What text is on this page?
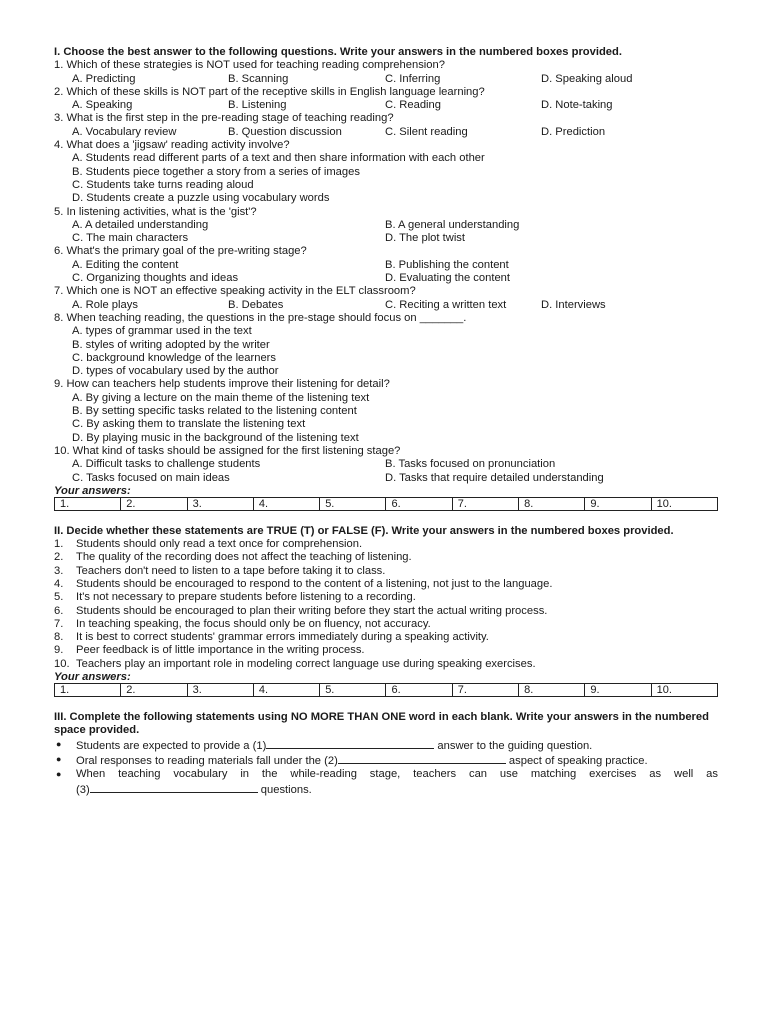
I. Choose the best answer to the following questions. Write your answers in the numbered boxes provided.
1. Which of these strategies is NOT used for teaching reading comprehension?
A. Predicting	B. Scanning	C. Inferring	D. Speaking aloud
2. Which of these skills is NOT part of the receptive skills in English language learning?
A. Speaking	B. Listening	C. Reading	D. Note-taking
3. What is the first step in the pre-reading stage of teaching reading?
A. Vocabulary review	B. Question discussion	C. Silent reading	D. Prediction
4. What does a 'jigsaw' reading activity involve?
A. Students read different parts of a text and then share information with each other
B. Students piece together a story from a series of images
C. Students take turns reading aloud
D. Students create a puzzle using vocabulary words
5. In listening activities, what is the 'gist'?
A. A detailed understanding	B. A general understanding
C. The main characters	D. The plot twist
6. What's the primary goal of the pre-writing stage?
A. Editing the content	B. Publishing the content
C. Organizing thoughts and ideas	D. Evaluating the content
7. Which one is NOT an effective speaking activity in the ELT classroom?
A. Role plays	B. Debates	C. Reciting a written text	D. Interviews
8. When teaching reading, the questions in the pre-stage should focus on _______.
A. types of grammar used in the text
B. styles of writing adopted by the writer
C. background knowledge of the learners
D. types of vocabulary used by the author
9. How can teachers help students improve their listening for detail?
A. By giving a lecture on the main theme of the listening text
B. By setting specific tasks related to the listening content
C. By asking them to translate the listening text
D. By playing music in the background of the listening text
10. What kind of tasks should be assigned for the first listening stage?
A. Difficult tasks to challenge students	B. Tasks focused on pronunciation
C. Tasks focused on main ideas	D. Tasks that require detailed understanding
Your answers:
1.	2.	3.	4.	5.	6.	7.	8.	9.	10.
II. Decide whether these statements are TRUE (T) or FALSE (F). Write your answers in the numbered boxes provided.
1. Students should only read a text once for comprehension.
2. The quality of the recording does not affect the teaching of listening.
3. Teachers don't need to listen to a tape before taking it to class.
4. Students should be encouraged to respond to the content of a listening, not just to the language.
5. It's not necessary to prepare students before listening to a recording.
6. Students should be encouraged to plan their writing before they start the actual writing process.
7. In teaching speaking, the focus should only be on fluency, not accuracy.
8. It is best to correct students' grammar errors immediately during a speaking activity.
9. Peer feedback is of little importance in the writing process.
10. Teachers play an important role in modeling correct language use during speaking exercises.
Your answers:
1.	2.	3.	4.	5.	6.	7.	8.	9.	10.
III. Complete the following statements using NO MORE THAN ONE word in each blank. Write your answers in the numbered space provided.
● Students are expected to provide a (1)	answer to the guiding question.
● Oral responses to reading materials fall under the (2)	aspect of speaking practice.
● When teaching vocabulary in the while-reading stage, teachers can use matching exercises as well as
(3)	questions.
